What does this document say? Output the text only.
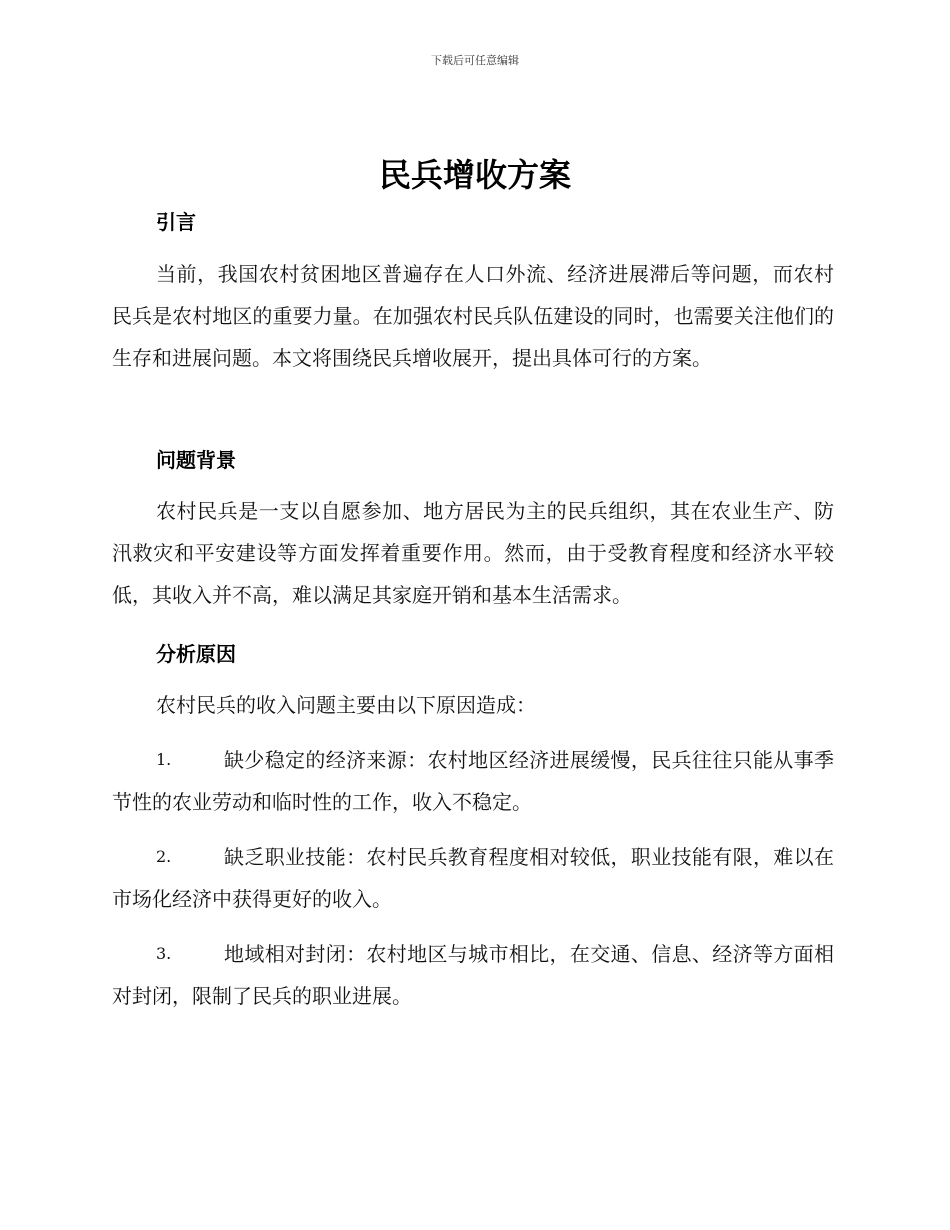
下载后可任意编辑
民兵增收方案
引言
当前，我国农村贫困地区普遍存在人口外流、经济进展滞后等问题，而农村民兵是农村地区的重要力量。在加强农村民兵队伍建设的同时，也需要关注他们的生存和进展问题。本文将围绕民兵增收展开，提出具体可行的方案。
问题背景
农村民兵是一支以自愿参加、地方居民为主的民兵组织，其在农业生产、防汛救灾和平安建设等方面发挥着重要作用。然而，由于受教育程度和经济水平较低，其收入并不高，难以满足其家庭开销和基本生活需求。
分析原因
农村民兵的收入问题主要由以下原因造成：
1.	缺少稳定的经济来源：农村地区经济进展缓慢，民兵往往只能从事季节性的农业劳动和临时性的工作，收入不稳定。
2.	缺乏职业技能：农村民兵教育程度相对较低，职业技能有限，难以在市场化经济中获得更好的收入。
3.	地域相对封闭：农村地区与城市相比，在交通、信息、经济等方面相对封闭，限制了民兵的职业进展。
